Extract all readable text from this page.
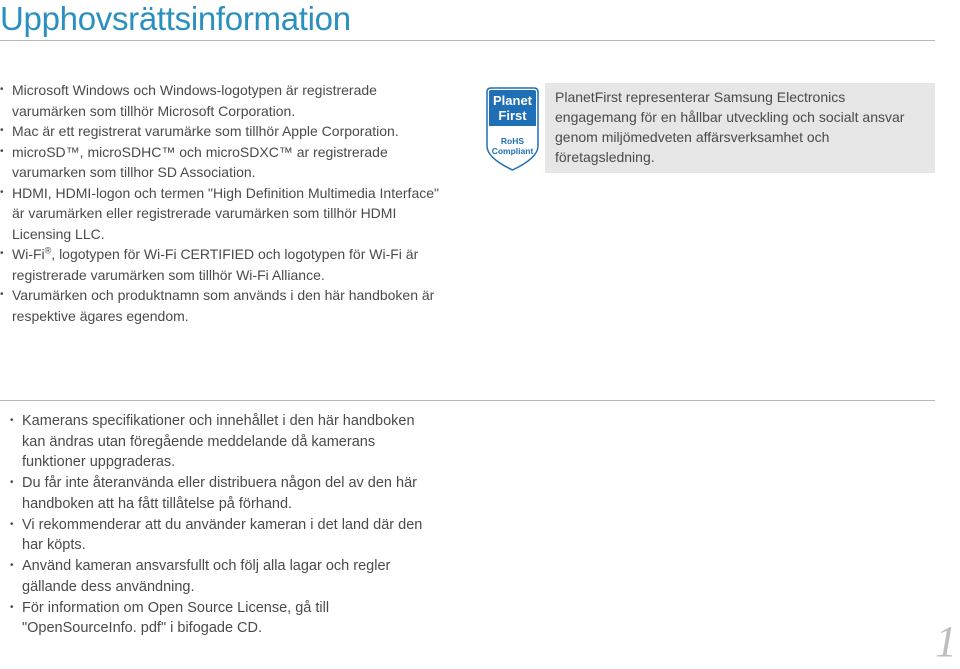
Upphovsrättsinformation
• Microsoft Windows och Windows-logotypen är registrerade varumärken som tillhör Microsoft Corporation.
• Mac är ett registrerat varumärke som tillhör Apple Corporation.
• microSD™, microSDHC™ och microSDXC™ ar registrerade varumarken som tillhor SD Association.
• HDMI, HDMI-logon och termen "High Definition Multimedia Interface" är varumärken eller registrerade varumärken som tillhör HDMI Licensing LLC.
• Wi-Fi®, logotypen för Wi-Fi CERTIFIED och logotypen för Wi-Fi är registrerade varumärken som tillhör Wi-Fi Alliance.
• Varumärken och produktnamn som används i den här handboken är respektive ägares egendom.
Planet
First
RoHS
Compliant
PlanetFirst representerar Samsung Electronics engagemang för en hållbar utveckling och socialt ansvar genom miljömedveten affärsverksamhet och företagsledning.
• Kamerans specifikationer och innehållet i den här handboken kan ändras utan föregående meddelande då kamerans funktioner uppgraderas.
• Du får inte återanvända eller distribuera någon del av den här handboken att ha fått tillåtelse på förhand.
• Vi rekommenderar att du använder kameran i det land där den har köpts.
• Använd kameran ansvarsfullt och följ alla lagar och regler gällande dess användning.
• För information om Open Source License, gå till "OpenSourceInfo. pdf" i bifogade CD.	1
